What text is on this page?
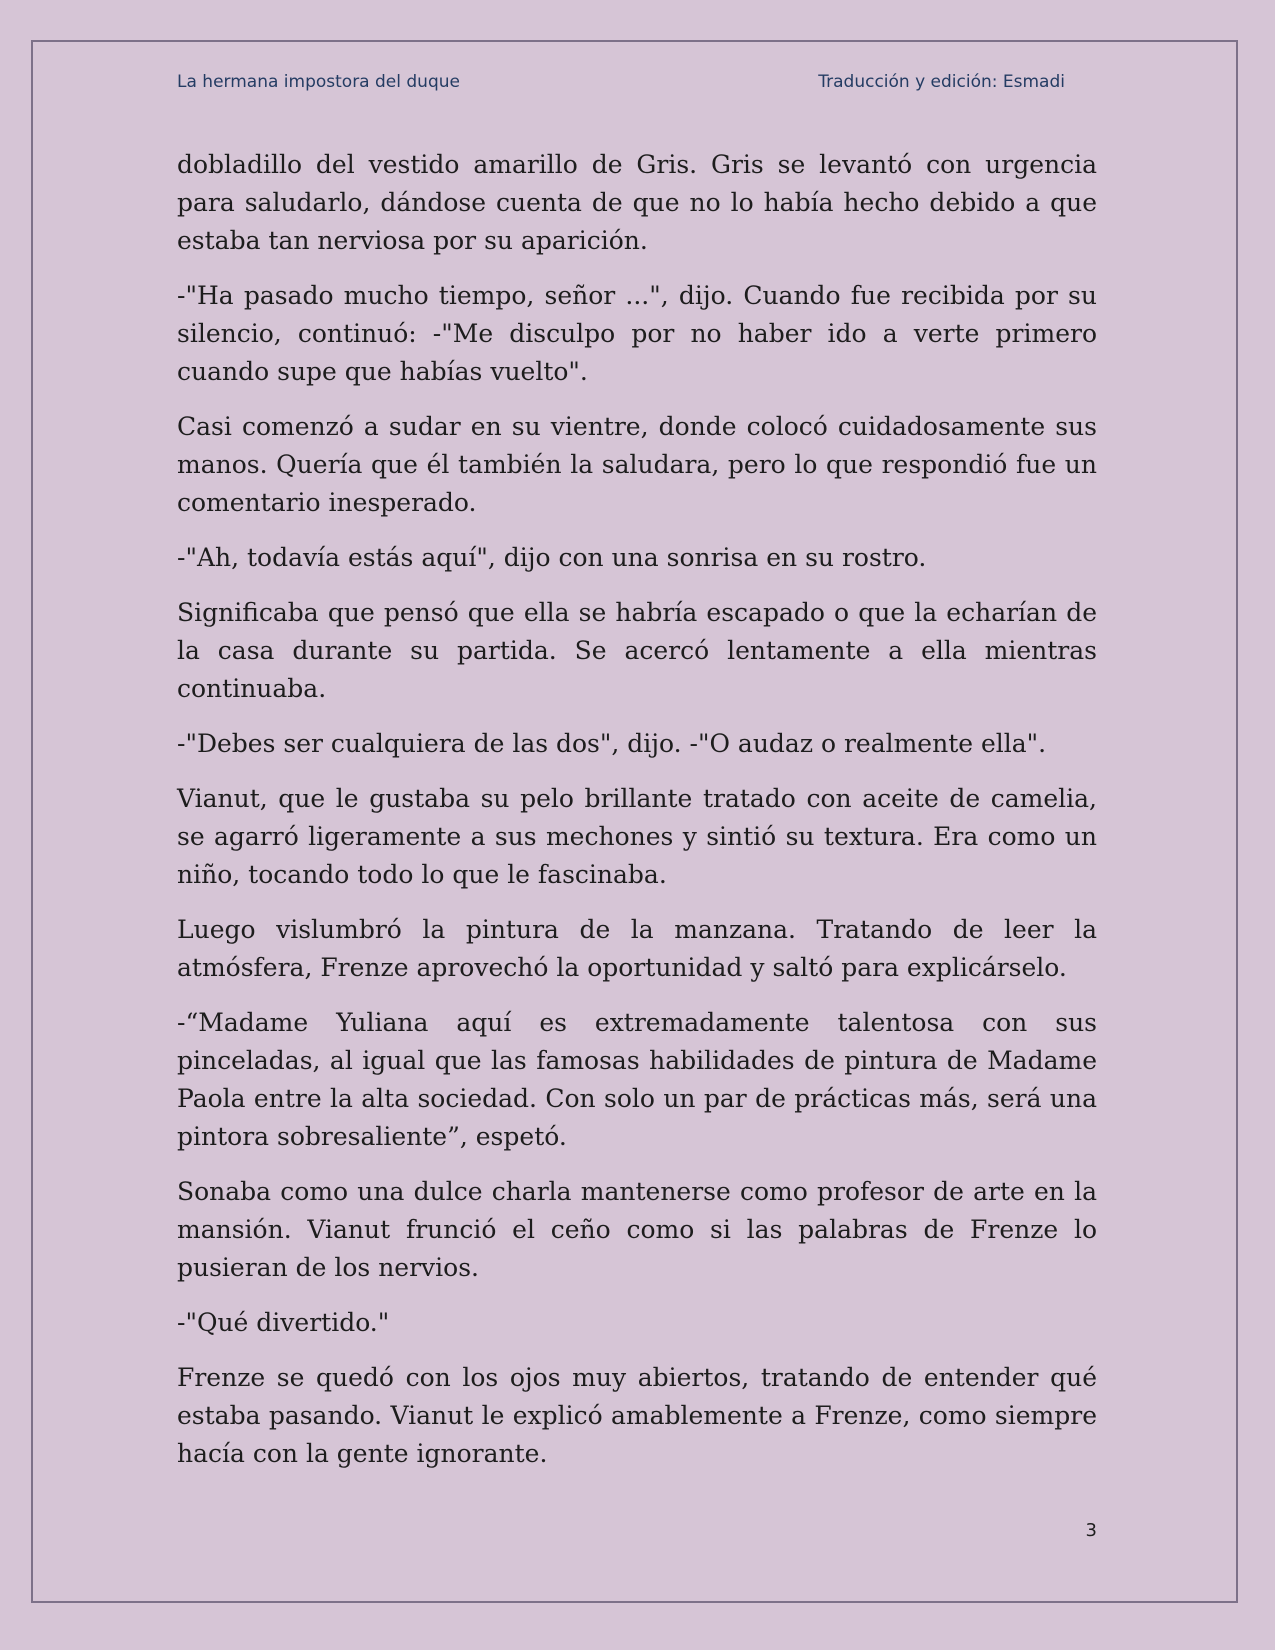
La hermana impostora del duque	Traducción y edición: Esmadi

dobladillo del vestido amarillo de Gris. Gris se levantó con urgencia para saludarlo, dándose cuenta de que no lo había hecho debido a que estaba tan nerviosa por su aparición.

-"Ha pasado mucho tiempo, señor ...", dijo. Cuando fue recibida por su silencio, continuó: -"Me disculpo por no haber ido a verte primero cuando supe que habías vuelto".

Casi comenzó a sudar en su vientre, donde colocó cuidadosamente sus manos. Quería que él también la saludara, pero lo que respondió fue un comentario inesperado.

-"Ah, todavía estás aquí", dijo con una sonrisa en su rostro.

Significaba que pensó que ella se habría escapado o que la echarían de la casa durante su partida. Se acercó lentamente a ella mientras continuaba.

-"Debes ser cualquiera de las dos", dijo. -"O audaz o realmente ella".

Vianut, que le gustaba su pelo brillante tratado con aceite de camelia, se agarró ligeramente a sus mechones y sintió su textura. Era como un niño, tocando todo lo que le fascinaba.

Luego vislumbró la pintura de la manzana. Tratando de leer la atmósfera, Frenze aprovechó la oportunidad y saltó para explicárselo.

-“Madame Yuliana aquí es extremadamente talentosa con sus pinceladas, al igual que las famosas habilidades de pintura de Madame Paola entre la alta sociedad. Con solo un par de prácticas más, será una pintora sobresaliente”, espetó.

Sonaba como una dulce charla mantenerse como profesor de arte en la mansión. Vianut frunció el ceño como si las palabras de Frenze lo pusieran de los nervios.

-"Qué divertido."

Frenze se quedó con los ojos muy abiertos, tratando de entender qué estaba pasando. Vianut le explicó amablemente a Frenze, como siempre hacía con la gente ignorante.

3
